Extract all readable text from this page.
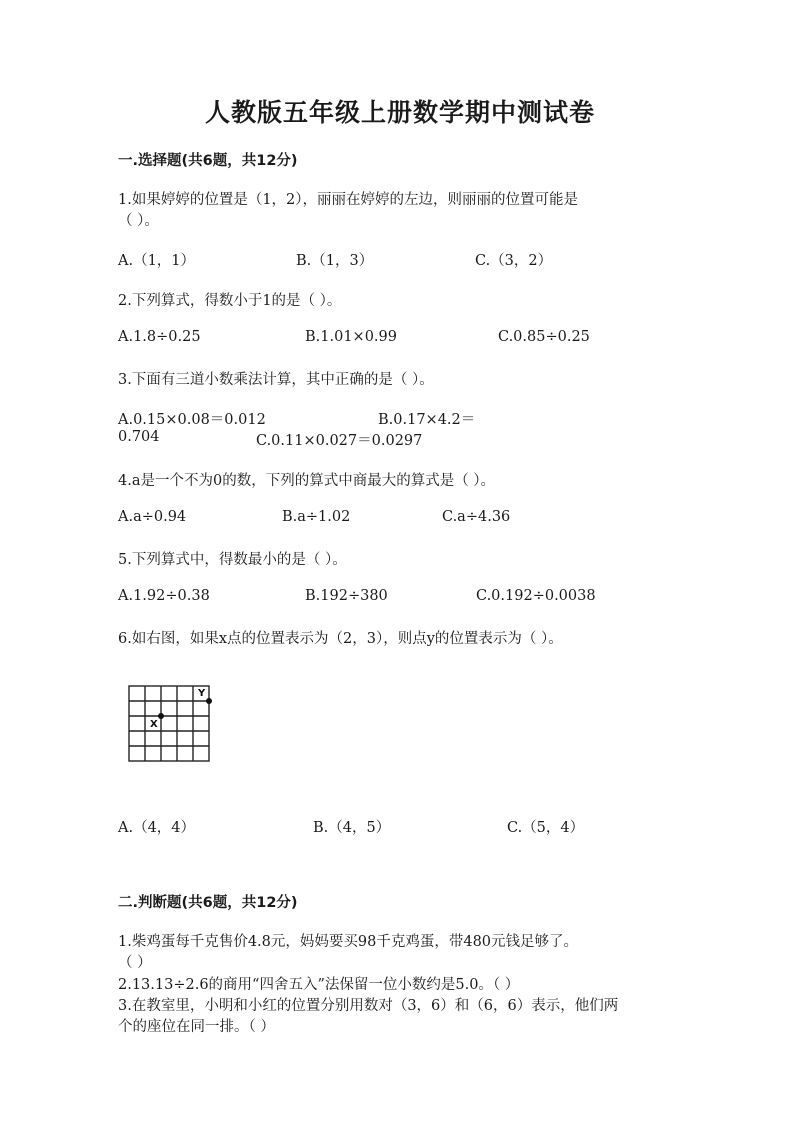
人教版五年级上册数学期中测试卷
一.选择题(共6题，共12分)
1.如果婷婷的位置是（1，2），丽丽在婷婷的左边，则丽丽的位置可能是
（ ）。
A.（1，1）	B.（1，3）	C.（3，2）
2.下列算式，得数小于1的是（ ）。
A.1.8÷0.25	B.1.01×0.99	C.0.85÷0.25
3.下面有三道小数乘法计算，其中正确的是（ ）。
A.0.15×0.08＝0.012	B.0.17×4.2＝
0.704	C.0.11×0.027＝0.0297
4.a是一个不为0的数，下列的算式中商最大的算式是（ ）。
A.a÷0.94	B.a÷1.02	C.a÷4.36
5.下列算式中，得数最小的是（ ）。
A.1.92÷0.38	B.192÷380	C.0.192÷0.0038
6.如右图，如果x点的位置表示为（2，3），则点y的位置表示为（ ）。
X
Y
A.（4，4）	B.（4，5）	C.（5，4）
二.判断题(共6题，共12分)
1.柴鸡蛋每千克售价4.8元，妈妈要买98千克鸡蛋，带480元钱足够了。
（ ）
2.13.13÷2.6的商用“四舍五入”法保留一位小数约是5.0。（ ）
3.在教室里，小明和小红的位置分别用数对（3，6）和（6，6）表示，他们两
个的座位在同一排。（ ）
